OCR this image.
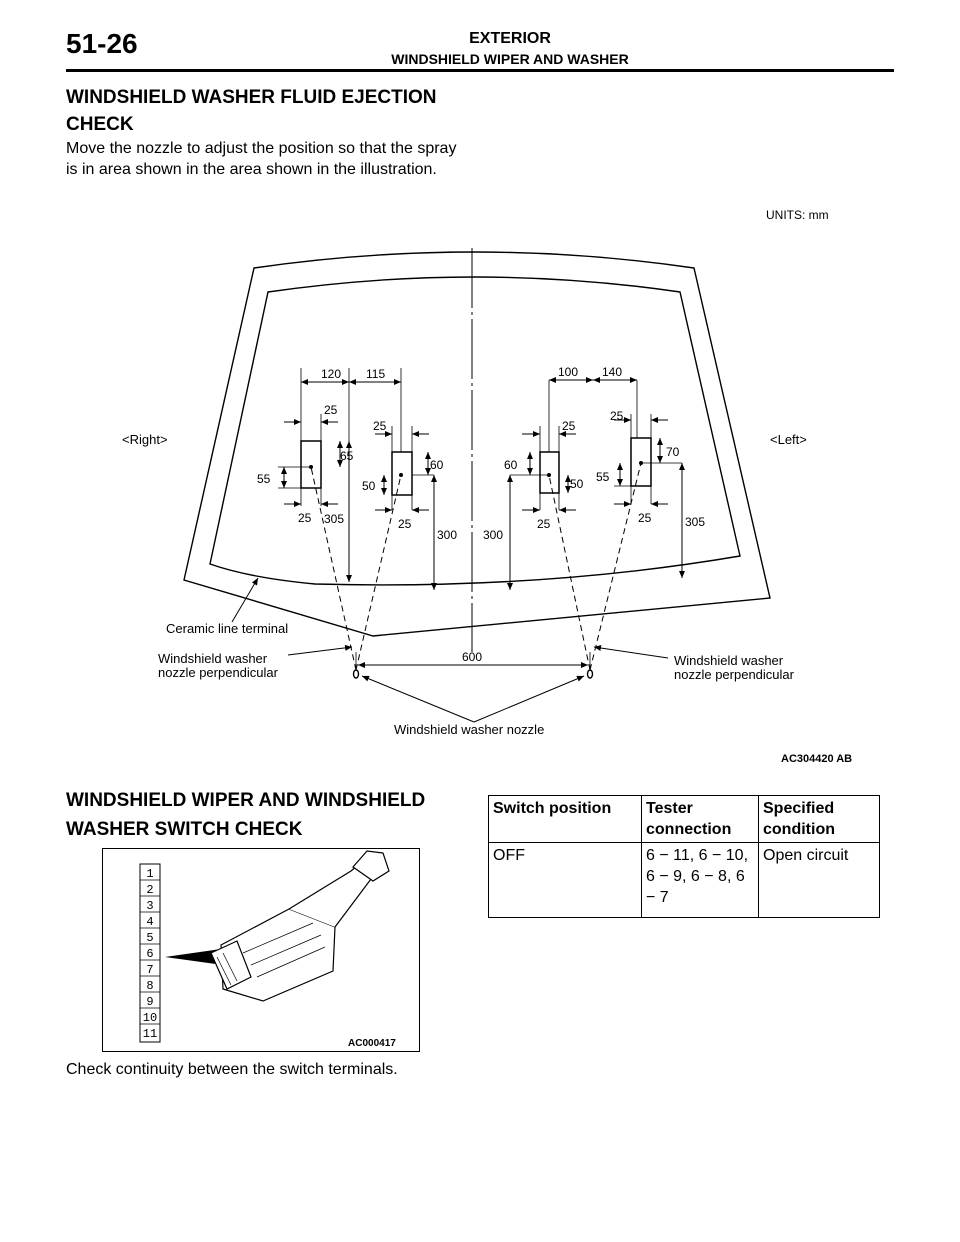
51-26	EXTERIOR
WINDSHIELD WIPER AND WASHER
WINDSHIELD WASHER FLUID EJECTION CHECK
Move the nozzle to adjust the position so that the spray is in area shown in the area shown in the illustration.
UNITS: mm
120 115	100 140
25
65
55
25 305
25
60
50
25
300 300
60
25
50
25
25
70
55
25	305
600
<Right>	<Left>
Ceramic line terminal
Windshield washer
nozzle perpendicular
Windshield washer
nozzle perpendicular
Windshield washer nozzle
AC304420 AB
WINDSHIELD WIPER AND WINDSHIELD WASHER SWITCH CHECK
1
2
3
4
5
6
7
8
9
10
11
AC000417
Check continuity between the switch terminals.
Switch position	Tester connection	Specified condition
OFF	6 − 11, 6 − 10, 6 − 9, 6 − 8, 6 − 7	Open circuit
